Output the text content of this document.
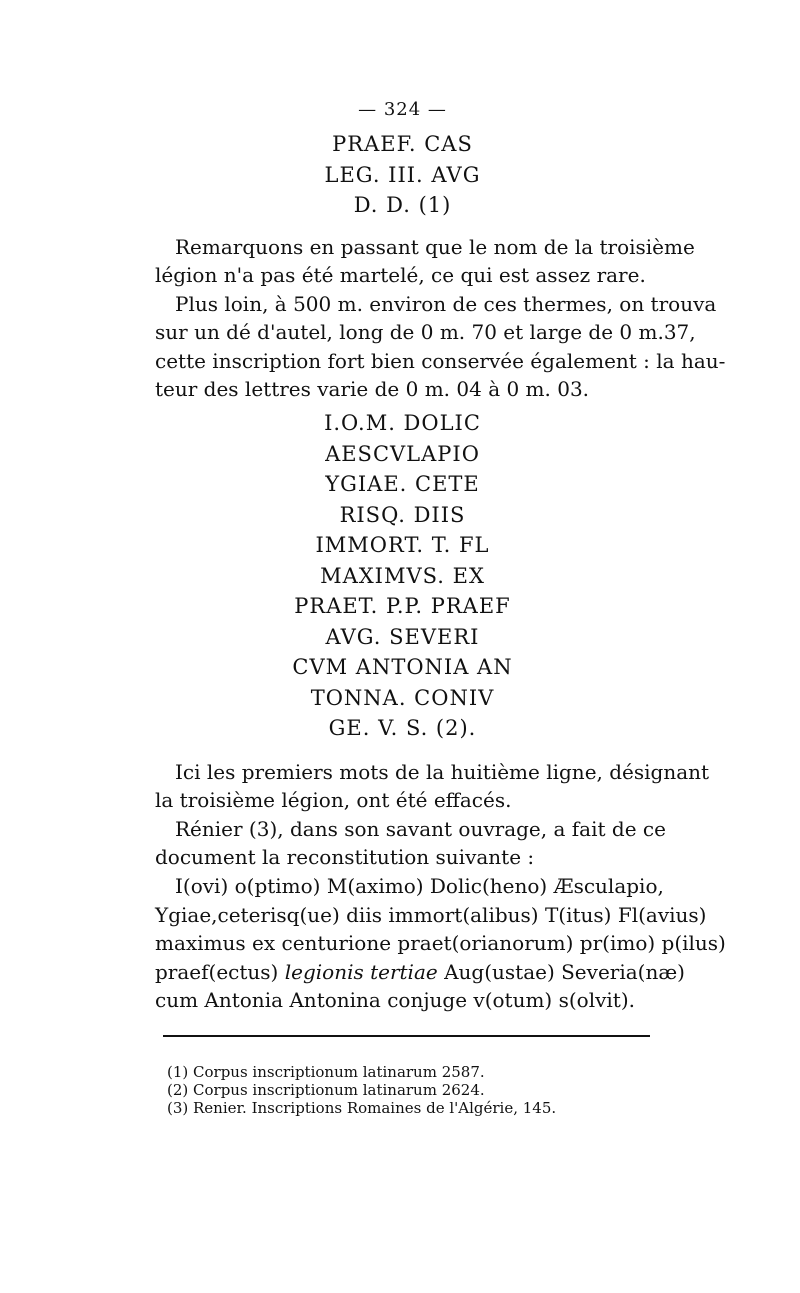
— 324 —
PRAEF. CAS
LEG. III. AVG
D. D. (1)

Remarquons en passant que le nom de la troisième
légion n'a pas été martelé, ce qui est assez rare.

Plus loin, à 500 m. environ de ces thermes, on trouva
sur un dé d'autel, long de 0 m. 70 et large de 0 m.37,
cette inscription fort bien conservée également : la hau-
teur des lettres varie de 0 m. 04 à 0 m. 03.

I.O.M. DOLIC
AESCVLAPIO
YGIAE. CETE
RISQ. DIIS
IMMORT. T. FL
MAXIMVS. EX
PRAET. P.P. PRAEF
AVG. SEVERI
CVM ANTONIA AN
TONNA. CONIV
GE. V. S. (2).

Ici les premiers mots de la huitième ligne, désignant
la troisième légion, ont été effacés.

Rénier (3), dans son savant ouvrage, a fait de ce
document la reconstitution suivante :

I(ovi) o(ptimo) M(aximo) Dolic(heno) Æsculapio,
Ygiae,ceterisq(ue) diis immort(alibus) T(itus) Fl(avius)
maximus ex centurione praet(orianorum) pr(imo) p(ilus)
praef(ectus) legionis tertiae Aug(ustae) Severia(næ)
cum Antonia Antonina conjuge v(otum) s(olvit).

(1) Corpus inscriptionum latinarum 2587.
(2) Corpus inscriptionum latinarum 2624.
(3) Renier. Inscriptions Romaines de l'Algérie, 145.
